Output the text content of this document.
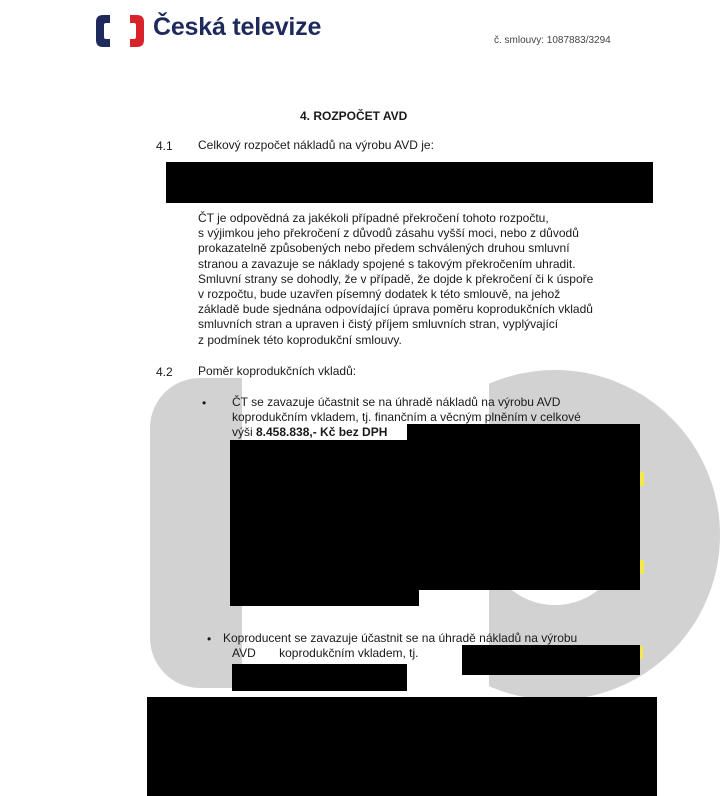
Česká televize	č. smlouvy: 1087883/3294
4. ROZPOČET AVD
4.1 Celkový rozpočet nákladů na výrobu AVD je:
ČT je odpovědná za jakékoli případné překročení tohoto rozpočtu,
s výjimkou jeho překročení z důvodů zásahu vyšší moci, nebo z důvodů
prokazatelně způsobených nebo předem schválených druhou smluvní
stranou a zavazuje se náklady spojené s takovým překročením uhradit.
Smluvní strany se dohodly, že v případě, že dojde k překročení či k úspoře
v rozpočtu, bude uzavřen písemný dodatek k této smlouvě, na jehož
základě bude sjednána odpovídající úprava poměru koprodukčních vkladů
smluvních stran a upraven i čistý příjem smluvních stran, vyplývající
z podmínek této koprodukční smlouvy.
4.2 Poměr koprodukčních vkladů:
• ČT se zavazuje účastnit se na úhradě nákladů na výrobu AVD
koprodukčním vkladem, tj. finančním a věcným plněním v celkové
výši 8.458.838,- Kč bez DPH
• Koproducent se zavazuje účastnit se na úhradě nákladů na výrobu
AVD       koprodukčním vkladem, tj.
